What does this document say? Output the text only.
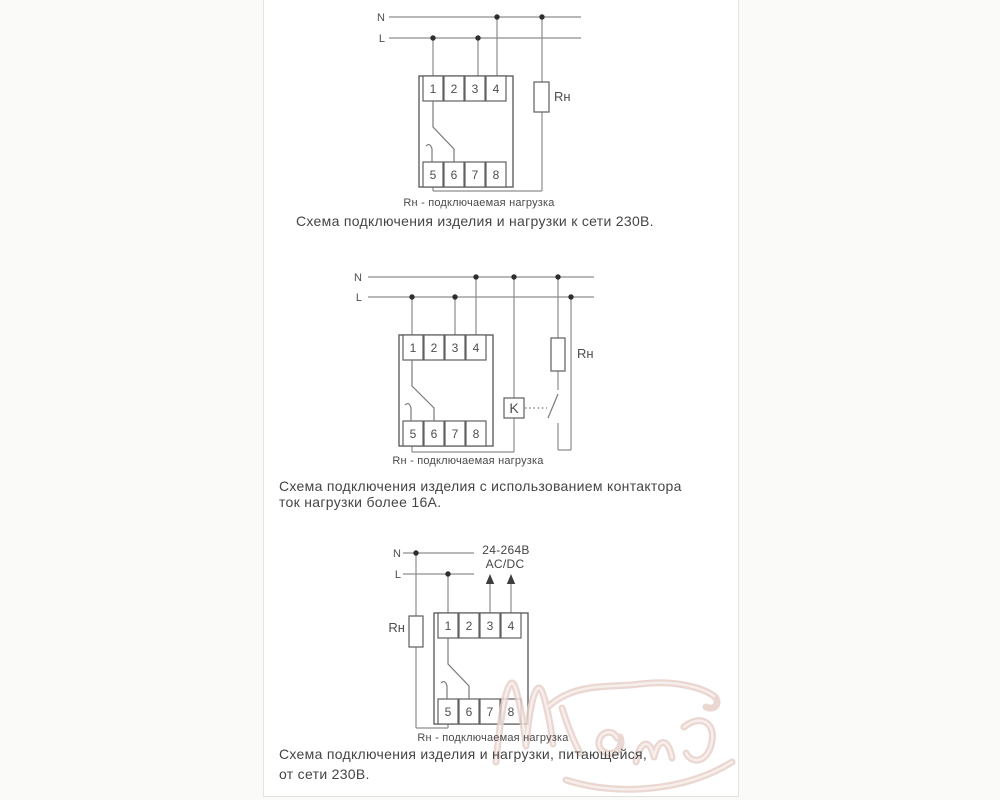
N
L
1 2 3 4
5 6 7 8
Rн
Rн - подключаемая нагрузка
Схема подключения изделия и нагрузки к сети 230В.
N
L
1 2 3 4
5 6 7 8
K
Rн
Rн - подключаемая нагрузка
Схема подключения изделия с использованием контактора
ток нагрузки более 16А.
N
L
24-264В
AC/DC
Rн	1 2 3 4
5 6 7 8
Rн - подключаемая нагрузка
Схема подключения изделия и нагрузки, питающейся,
от сети 230В.
